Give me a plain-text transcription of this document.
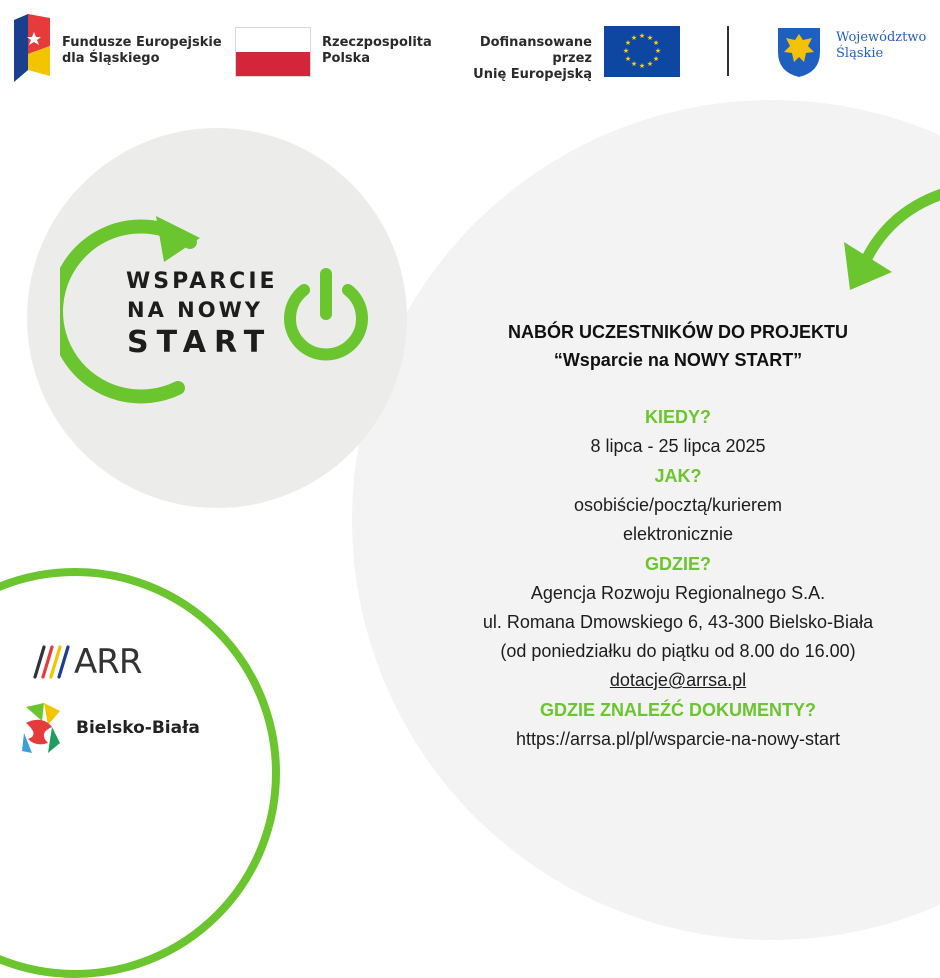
Fundusze Europejskie
dla Śląskiego
Rzeczpospolita
Polska
Dofinansowane przez
Unię Europejską
★ ★
★
★
★
★
★
★
★
★
★
★	Województwo
Śląskie
WSPARCIE
NA NOWY
START	NABÓR UCZESTNIKÓW DO PROJEKTU
“Wsparcie na NOWY START”
KIEDY?
8 lipca - 25 lipca 2025
JAK?
osobiście/pocztą/kurierem
elektronicznie
GDZIE?
Agencja Rozwoju Regionalnego S.A.
ul. Romana Dmowskiego 6, 43-300 Bielsko-Biała
(od poniedziałku do piątku od 8.00 do 16.00)
dotacje@arrsa.pl
GDZIE ZNALEŹĆ DOKUMENTY?
https://arrsa.pl/pl/wsparcie-na-nowy-start
ARR
Bielsko-Biała
